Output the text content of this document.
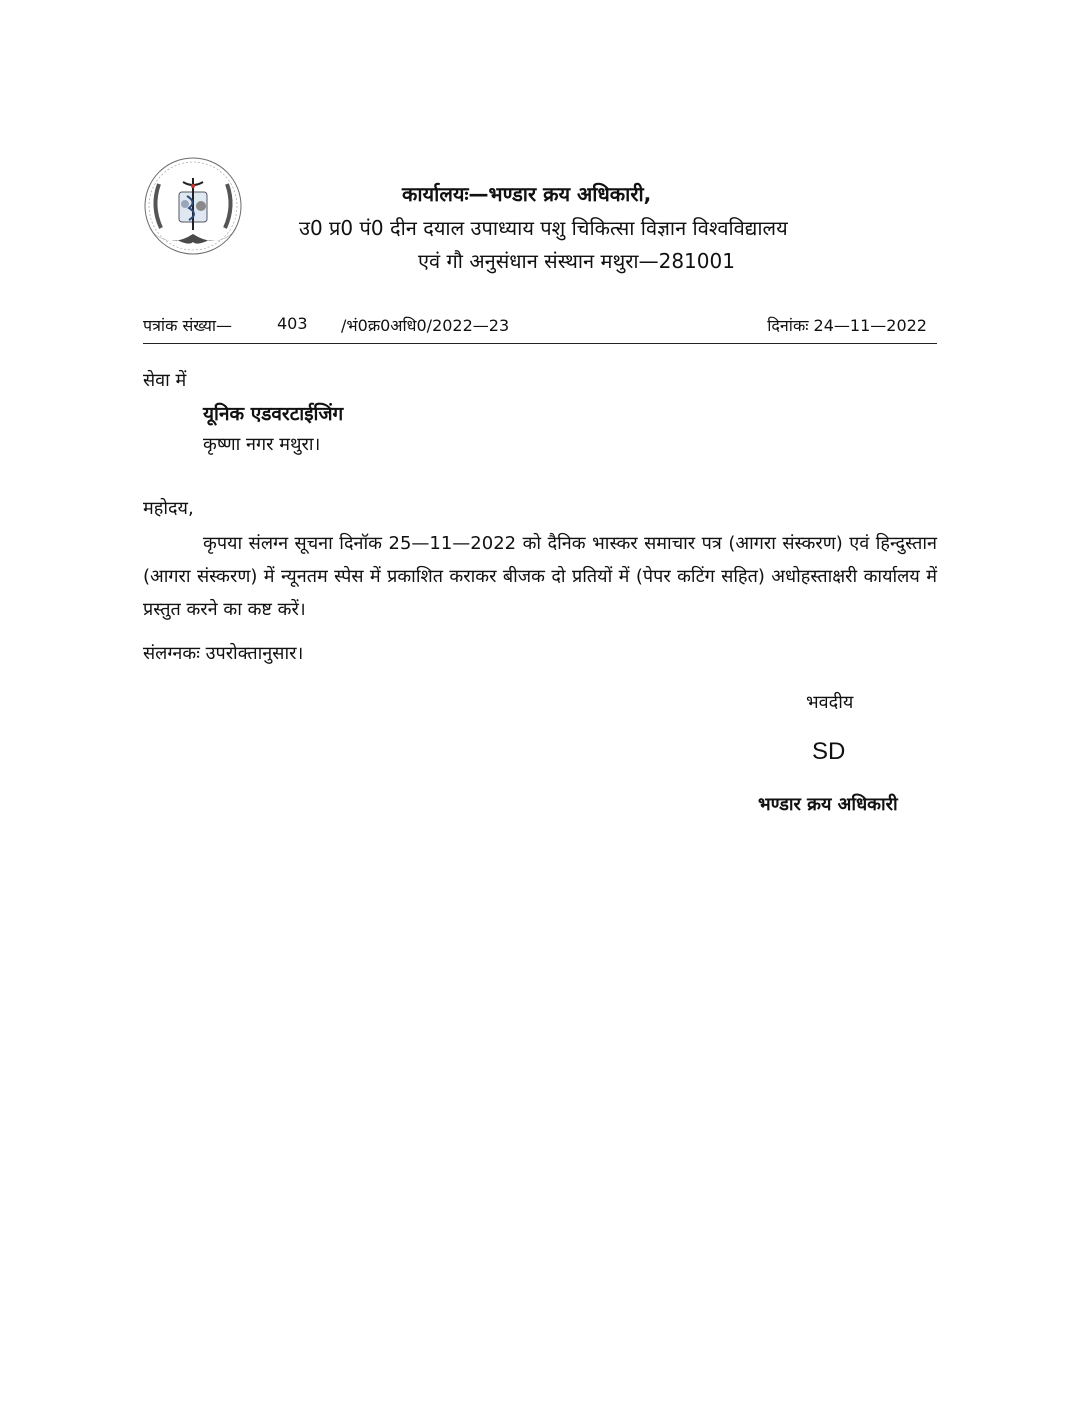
कार्यालयः—भण्डार क्रय अधिकारी,
उ0 प्र0 पं0 दीन दयाल उपाध्याय पशु चिकित्सा विज्ञान विश्वविद्यालय
एवं गौ अनुसंधान संस्थान मथुरा—281001
पत्रांक संख्या—	403 /भं0क्र0अधि0/2022—23	दिनांकः 24—11—2022
सेवा में
यूनिक एडवरटाईजिंग
कृष्णा नगर मथुरा।
महोदय,
कृपया संलग्न सूचना दिनॉक 25—11—2022 को दैनिक भास्कर समाचार पत्र (आगरा संस्करण) एवं हिन्दुस्तान (आगरा संस्करण) में न्यूनतम स्पेस में प्रकाशित कराकर बीजक दो प्रतियों में (पेपर कटिंग सहित) अधोहस्ताक्षरी कार्यालय में प्रस्तुत करने का कष्ट करें।
संलग्नकः उपरोक्तानुसार।
भवदीय
SD
भण्डार क्रय अधिकारी
